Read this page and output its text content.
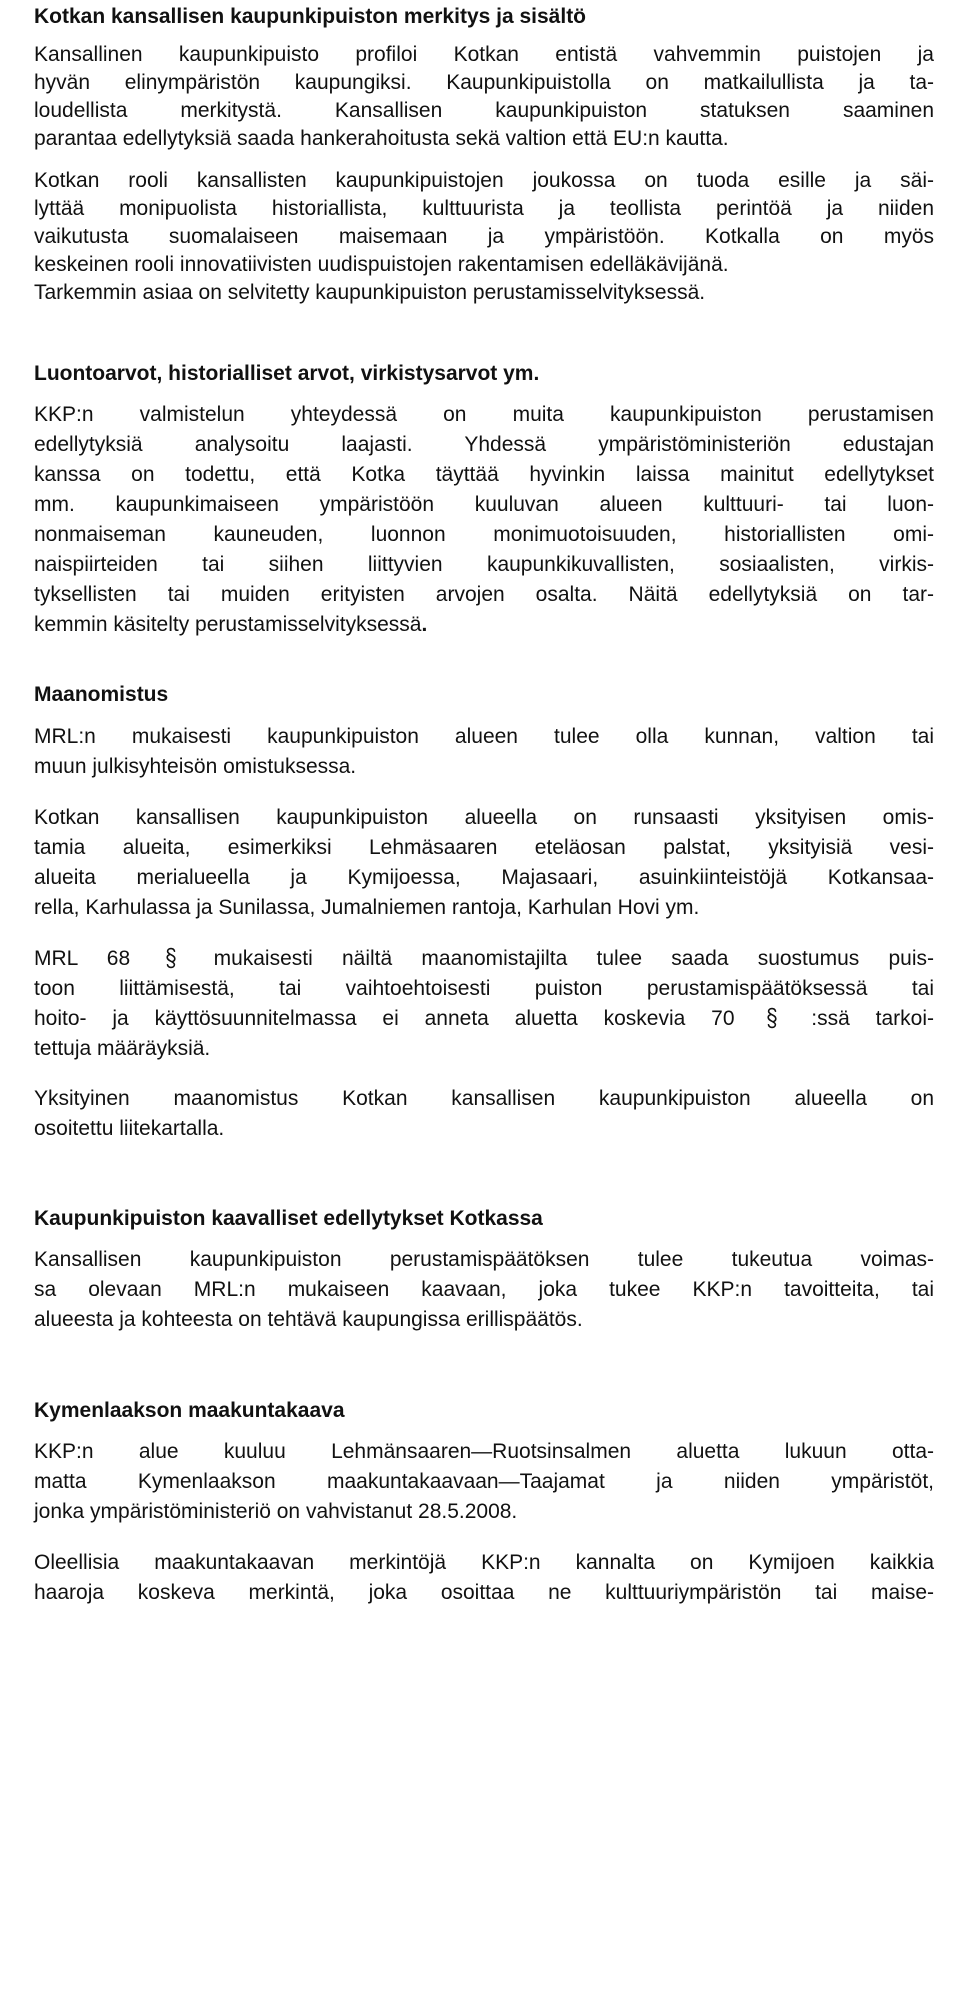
Kotkan kansallisen kaupunkipuiston merkitys ja sisältö

Kansallinen kaupunkipuisto profiloi Kotkan entistä vahvemmin puistojen ja
hyvän elinympäristön kaupungiksi. Kaupunkipuistolla on matkailullista ja ta-
loudellista merkitystä. Kansallisen kaupunkipuiston statuksen saaminen
parantaa edellytyksiä saada hankerahoitusta sekä valtion että EU:n kautta.

Kotkan rooli kansallisten kaupunkipuistojen joukossa on tuoda esille ja säi-
lyttää monipuolista historiallista, kulttuurista ja teollista perintöä ja niiden
vaikutusta suomalaiseen maisemaan ja ympäristöön. Kotkalla on myös
keskeinen rooli innovatiivisten uudispuistojen rakentamisen edelläkävijänä.
Tarkemmin asiaa on selvitetty kaupunkipuiston perustamisselvityksessä.

Luontoarvot, historialliset arvot, virkistysarvot ym.

KKP:n valmistelun yhteydessä on muita kaupunkipuiston perustamisen
edellytyksiä analysoitu laajasti. Yhdessä ympäristöministeriön edustajan
kanssa on todettu, että Kotka täyttää hyvinkin laissa mainitut edellytykset
mm. kaupunkimaiseen ympäristöön kuuluvan alueen kulttuuri- tai luon-
nonmaiseman kauneuden, luonnon monimuotoisuuden, historiallisten omi-
naispiirteiden tai siihen liittyvien kaupunkikuvallisten, sosiaalisten, virkis-
tyksellisten tai muiden erityisten arvojen osalta. Näitä edellytyksiä on tar-
kemmin käsitelty perustamisselvityksessä.

Maanomistus

MRL:n mukaisesti kaupunkipuiston alueen tulee olla kunnan, valtion tai
muun julkisyhteisön omistuksessa.

Kotkan kansallisen kaupunkipuiston alueella on runsaasti yksityisen omis-
tamia alueita, esimerkiksi Lehmäsaaren eteläosan palstat, yksityisiä vesi-
alueita merialueella ja Kymijoessa, Majasaari, asuinkiinteistöjä Kotkansaa-
rella, Karhulassa ja Sunilassa, Jumalniemen rantoja, Karhulan Hovi ym.

MRL 68	mukaisesti näiltä maanomistajilta tulee saada suostumus puis-
toon liittämisestä, tai vaihtoehtoisesti puiston perustamispäätöksessä tai
hoito- ja käyttösuunnitelmassa ei anneta aluetta koskevia 70	:ssä tarkoi-
tettuja määräyksiä.

Yksityinen maanomistus Kotkan kansallisen kaupunkipuiston alueella on
osoitettu liitekartalla.

Kaupunkipuiston kaavalliset edellytykset Kotkassa

Kansallisen kaupunkipuiston perustamispäätöksen tulee tukeutua voimas-
sa olevaan MRL:n mukaiseen kaavaan, joka tukee KKP:n tavoitteita, tai
alueesta ja kohteesta on tehtävä kaupungissa erillispäätös.

Kymenlaakson maakuntakaava

KKP:n alue kuuluu Lehmänsaaren—Ruotsinsalmen aluetta lukuun otta-
matta Kymenlaakson maakuntakaavaan—Taajamat ja niiden ympäristöt,
jonka ympäristöministeriö on vahvistanut 28.5.2008.

Oleellisia maakuntakaavan merkintöjä KKP:n kannalta on Kymijoen kaikkia
haaroja koskeva merkintä, joka osoittaa ne kulttuuriympäristön tai maise-
